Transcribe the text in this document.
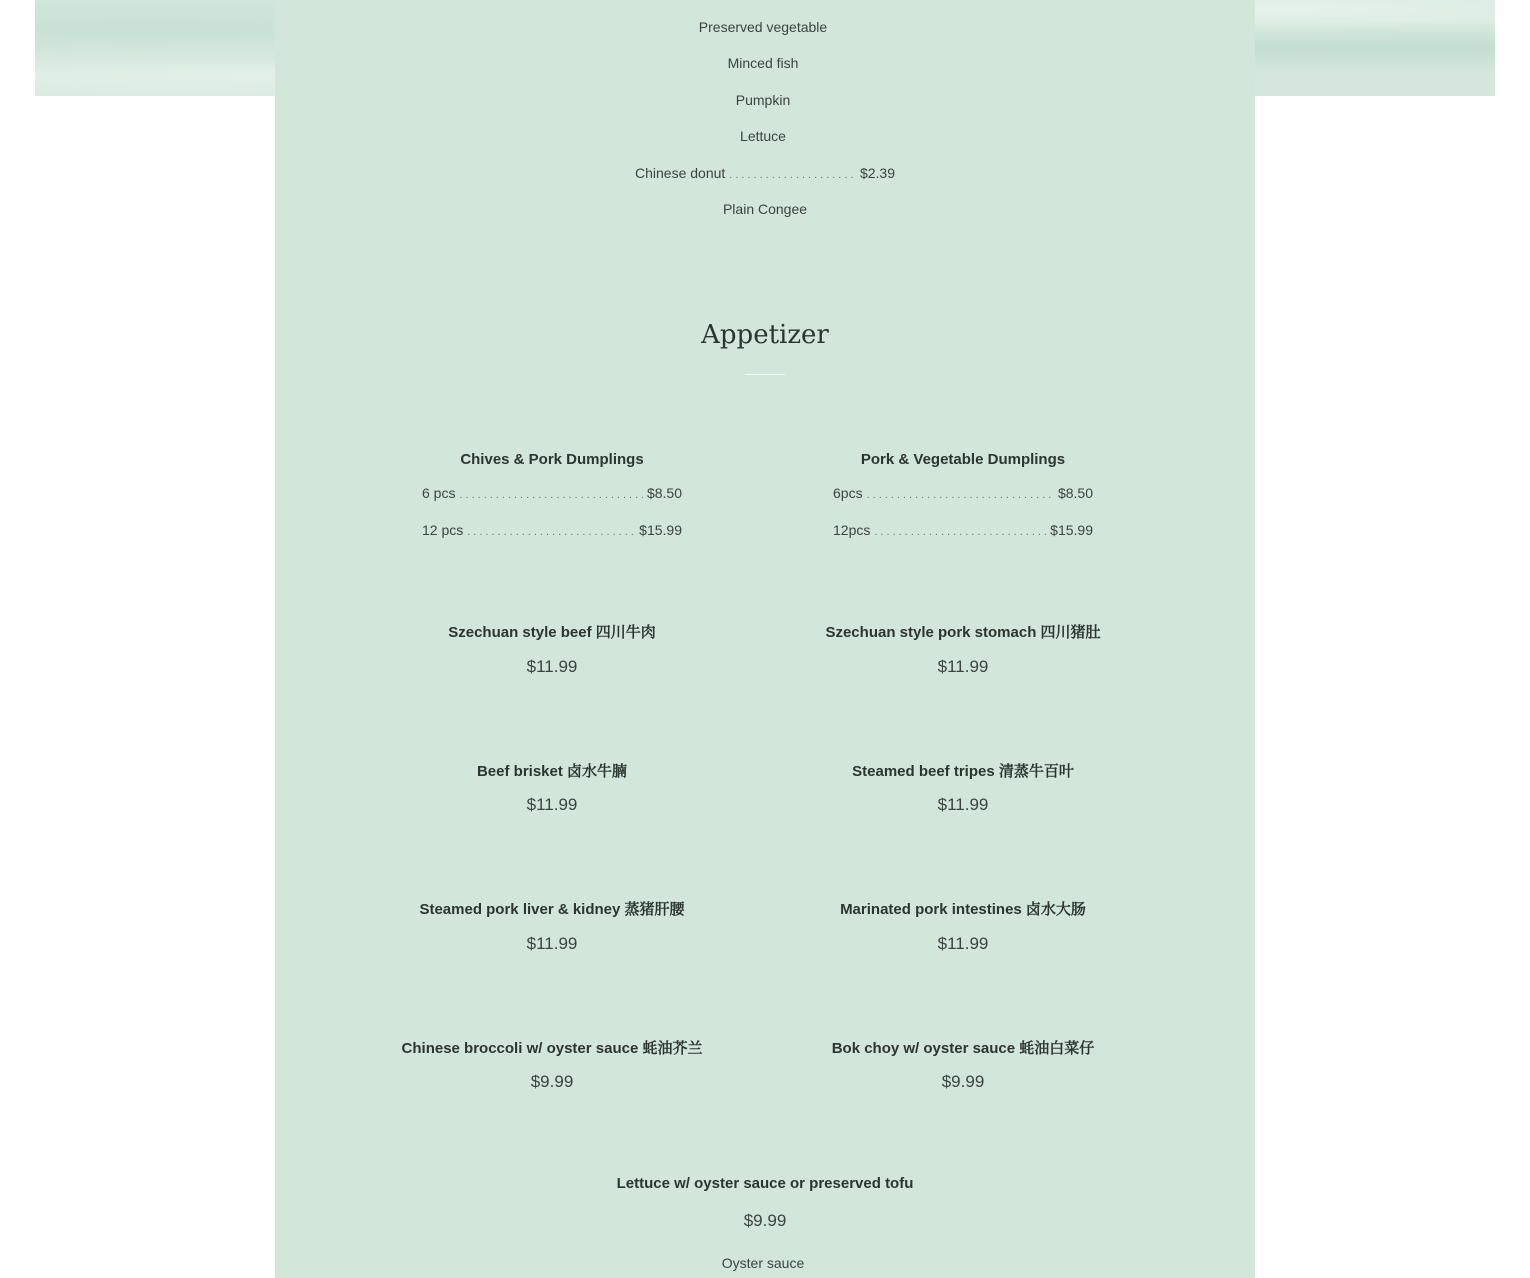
Preserved vegetable
Minced fish
Pumpkin
Lettuce
Chinese donut .....	$2.39
Plain Congee
Appetizer
Chives & Pork Dumplings
6 pcs .....	$8.50
12 pcs .....	$15.99
Pork & Vegetable Dumplings
6pcs .....	$8.50
12pcs .....	$15.99
Szechuan style beef 四川牛肉
$11.99
Szechuan style pork stomach 四川猪肚
$11.99
Beef brisket 卤水牛腩
$11.99
Steamed beef tripes 清蒸牛百叶
$11.99
Steamed pork liver & kidney 蒸猪肝腰
$11.99
Marinated pork intestines 卤水大肠
$11.99
Chinese broccoli w/ oyster sauce 蚝油芥兰
$9.99
Bok choy w/ oyster sauce 蚝油白菜仔
$9.99
Lettuce w/ oyster sauce or preserved tofu
$9.99
Oyster sauce
